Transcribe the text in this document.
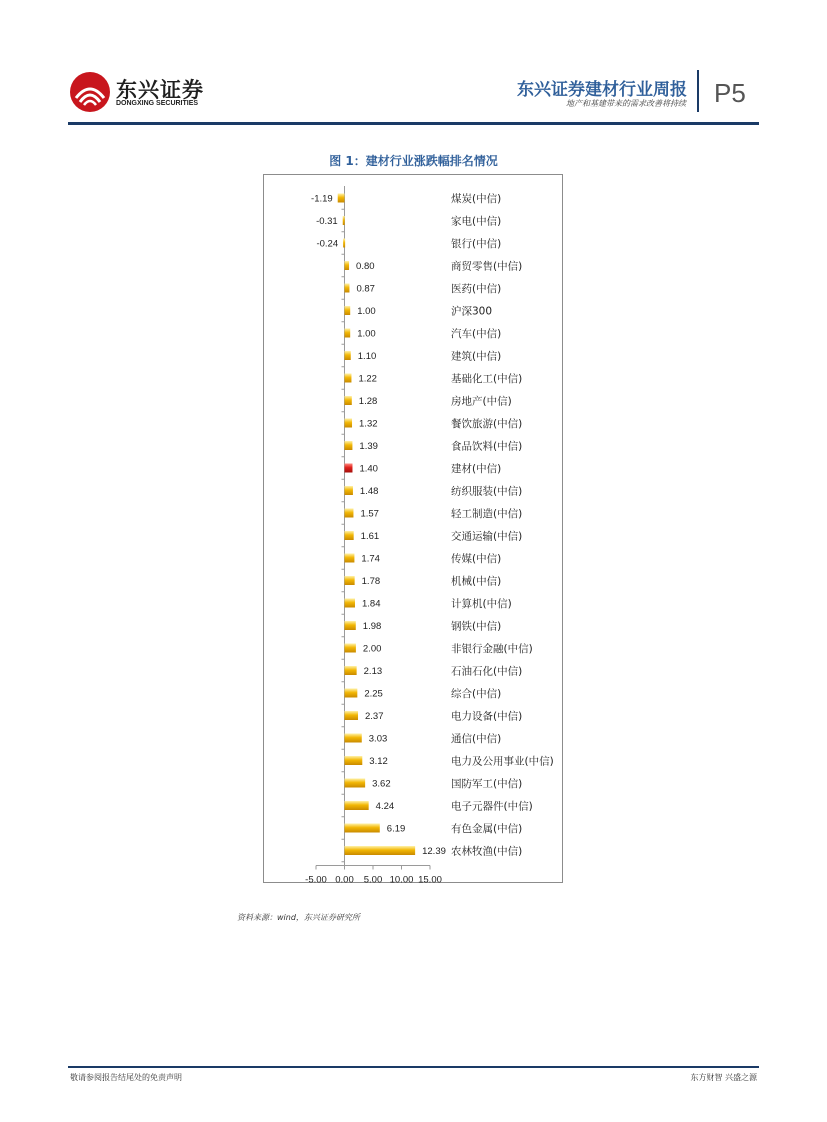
东兴证券
DONGXING SECURITIES
东兴证券建材行业周报
地产和基建带来的需求改善将持续 P5
图 1：建材行业涨跌幅排名情况
-1.19	煤炭(中信)
-0.31	家电(中信)
-0.24	银行(中信)
0.80	商贸零售(中信)
0.87	医药(中信)
1.00	沪深300
1.00	汽车(中信)
1.10	建筑(中信)
1.22	基础化工(中信)
1.28	房地产(中信)
1.32	餐饮旅游(中信)
1.39	食品饮料(中信)
1.40	建材(中信)
1.48	纺织服装(中信)
1.57	轻工制造(中信)
1.61	交通运输(中信)
1.74	传媒(中信)
1.78	机械(中信)
1.84	计算机(中信)
1.98	钢铁(中信)
2.00	非银行金融(中信)
2.13	石油石化(中信)
2.25	综合(中信)
2.37	电力设备(中信)
3.03	通信(中信)
3.12	电力及公用事业(中信)
3.62	国防军工(中信)
4.24	电子元器件(中信)
6.19	有色金属(中信)
12.39 农林牧渔(中信)
-5.00 0.00 5.00 10.00 15.00
资料来源：wind，东兴证券研究所
敬请参阅报告结尾处的免责声明	东方财智 兴盛之源
